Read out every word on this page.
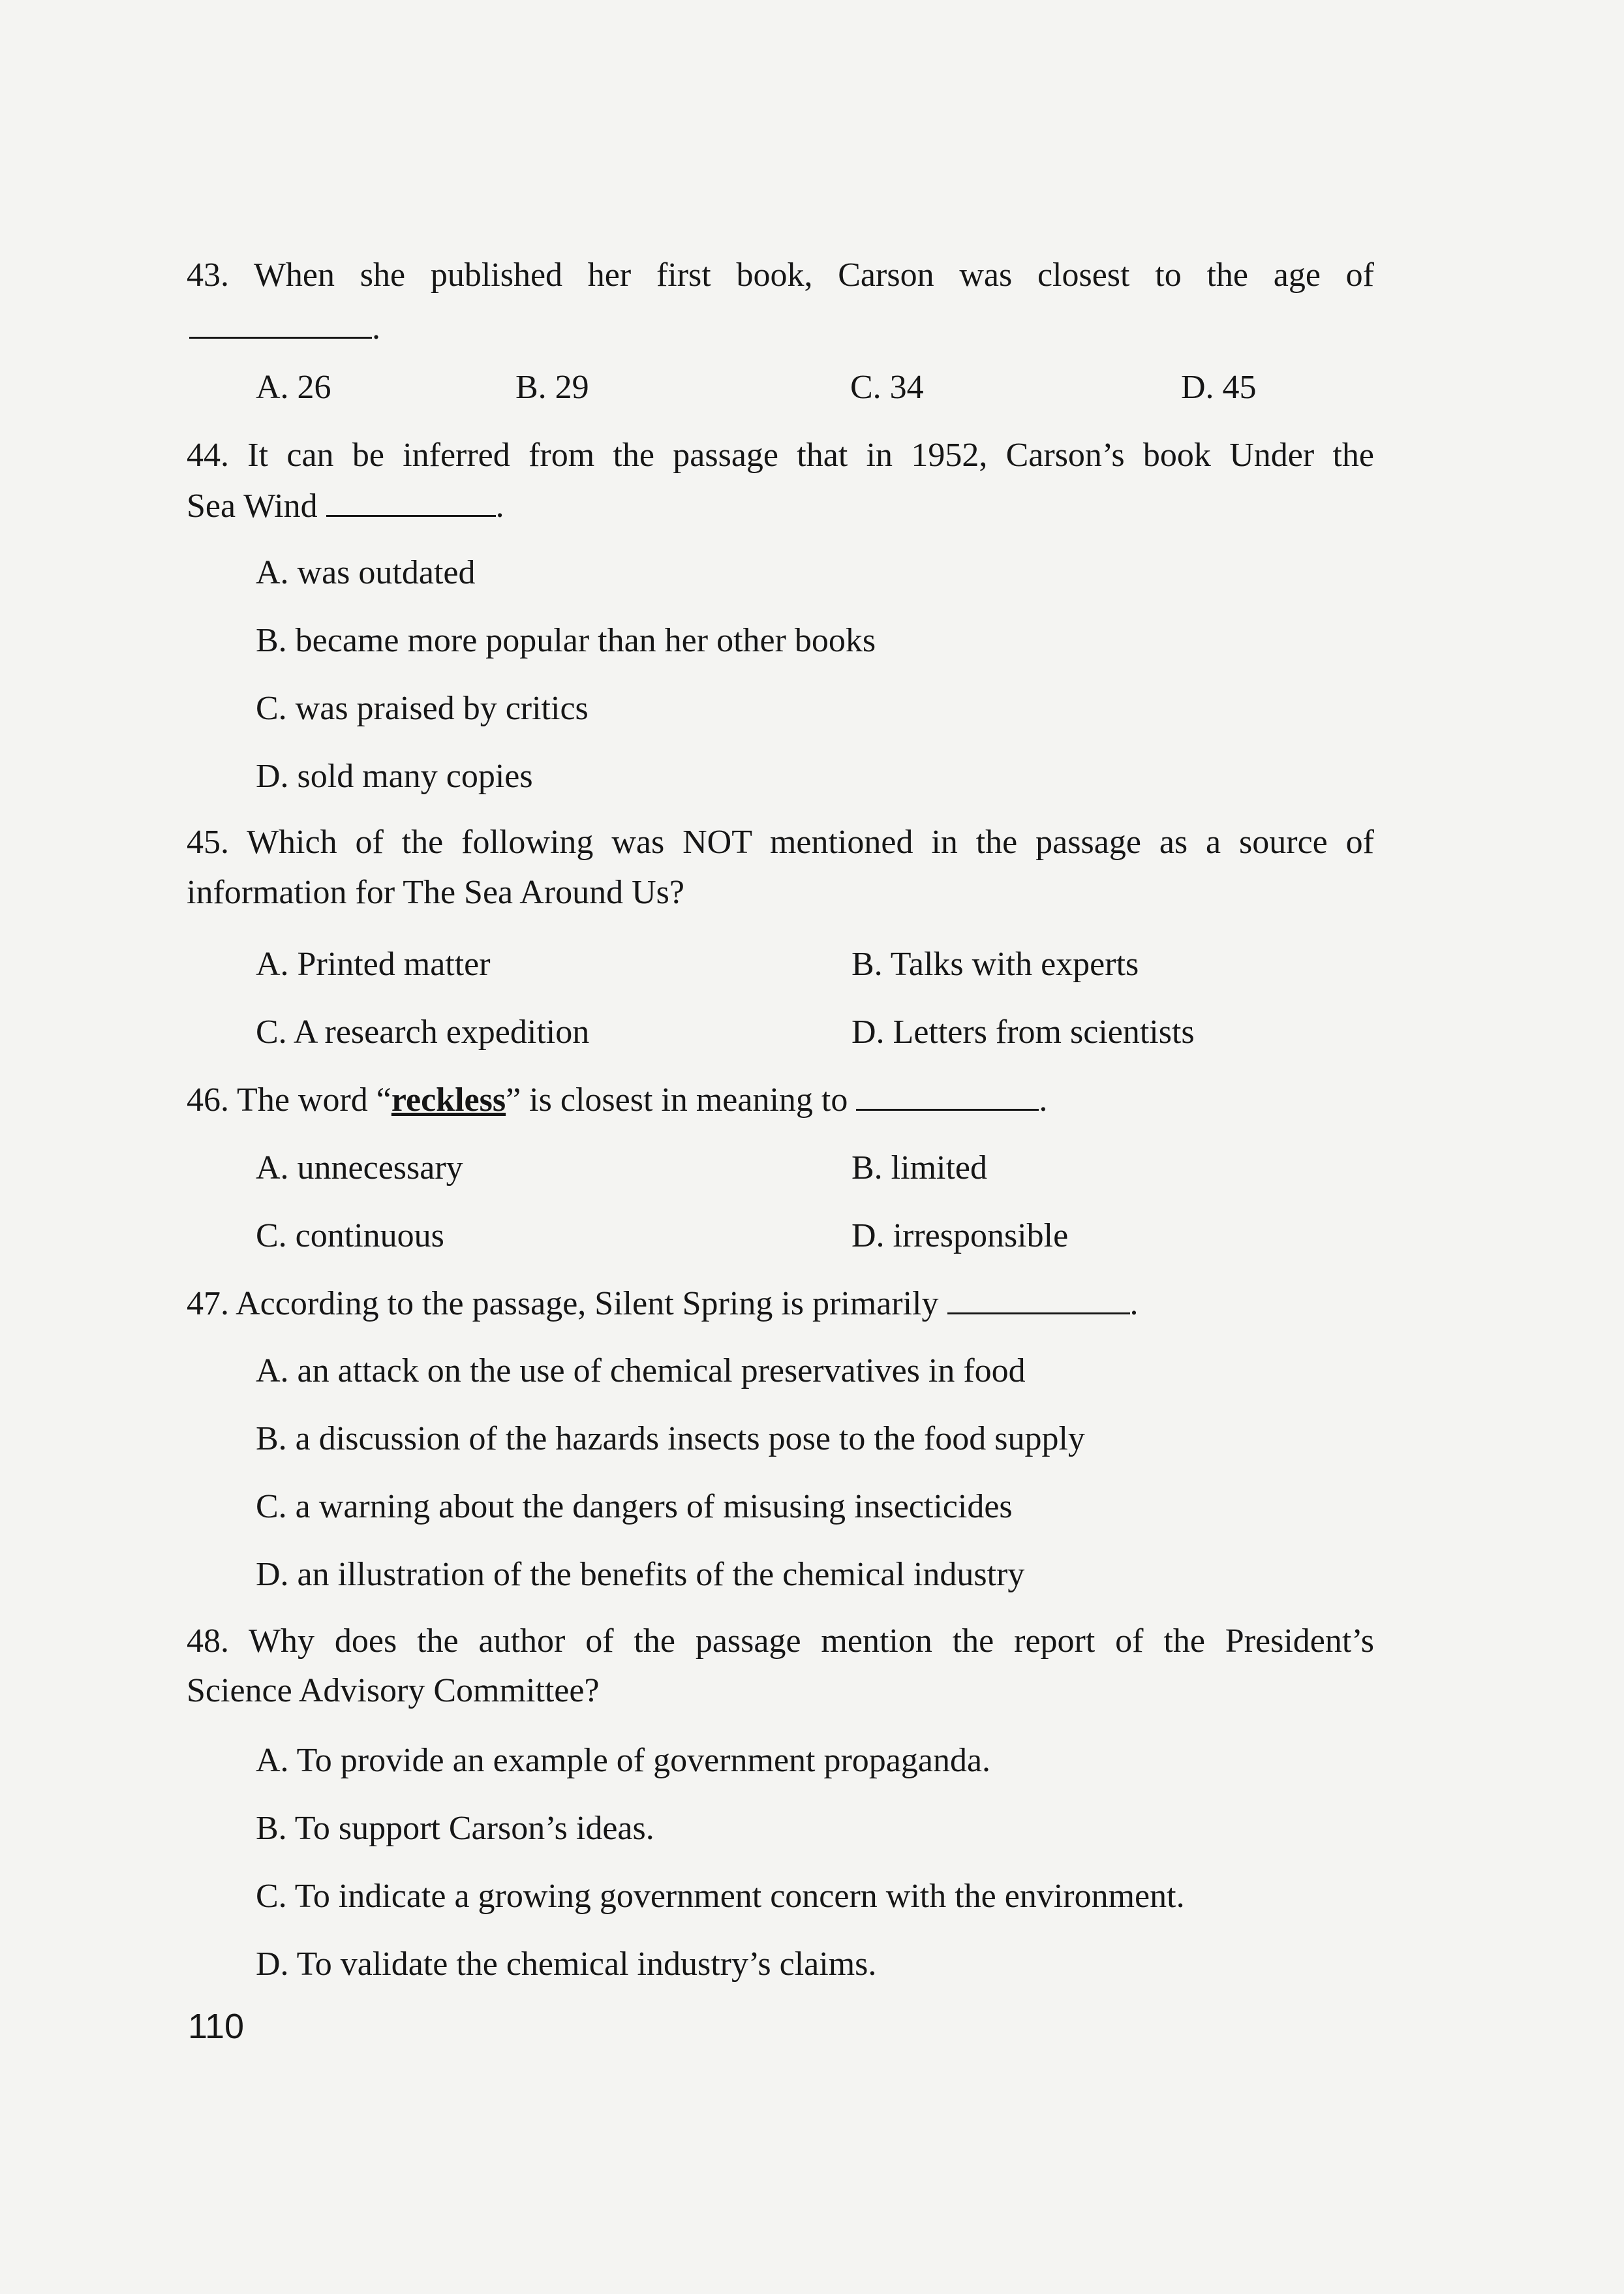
43. When she published her first book, Carson was closest to the age of
.
A. 26	B. 29	C. 34	D. 45
44. It can be inferred from the passage that in 1952, Carson’s book Under the
Sea Wind	.
A. was outdated
B. became more popular than her other books
C. was praised by critics
D. sold many copies
45. Which of the following was NOT mentioned in the passage as a source of
information for The Sea Around Us?
A. Printed matter	B. Talks with experts
C. A research expedition	D. Letters from scientists
46. The word “reckless” is closest in meaning to	.
A. unnecessary	B. limited
C. continuous	D. irresponsible
47. According to the passage, Silent Spring is primarily	.
A. an attack on the use of chemical preservatives in food
B. a discussion of the hazards insects pose to the food supply
C. a warning about the dangers of misusing insecticides
D. an illustration of the benefits of the chemical industry
48. Why does the author of the passage mention the report of the President’s
Science Advisory Committee?
A. To provide an example of government propaganda.
B. To support Carson’s ideas.
C. To indicate a growing government concern with the environment.
D. To validate the chemical industry’s claims.
110
